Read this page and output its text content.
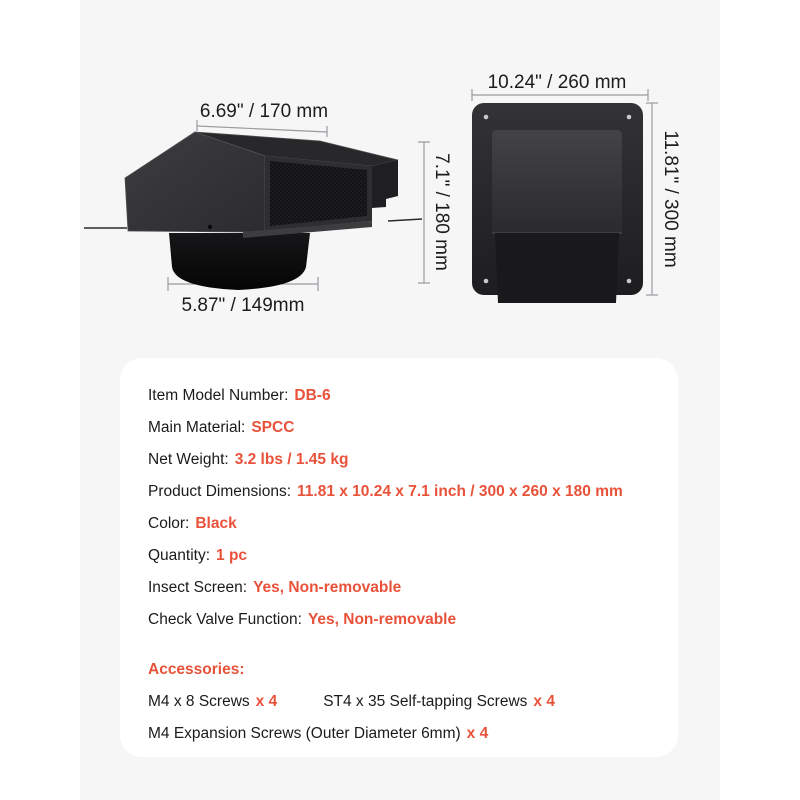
6.69" / 170 mm
5.87" / 149mm
7.1" / 180 mm
10.24" / 260 mm
11.81" / 300 mm
Item Model Number: DB-6
Main Material: SPCC
Net Weight: 3.2 lbs / 1.45 kg
Product Dimensions: 11.81 x 10.24 x 7.1 inch / 300 x 260 x 180 mm
Color: Black
Quantity: 1 pc
Insect Screen: Yes, Non-removable
Check Valve Function: Yes, Non-removable
Accessories:
M4 x 8 Screws x 4	ST4 x 35 Self-tapping Screws x 4
M4 Expansion Screws (Outer Diameter 6mm) x 4
